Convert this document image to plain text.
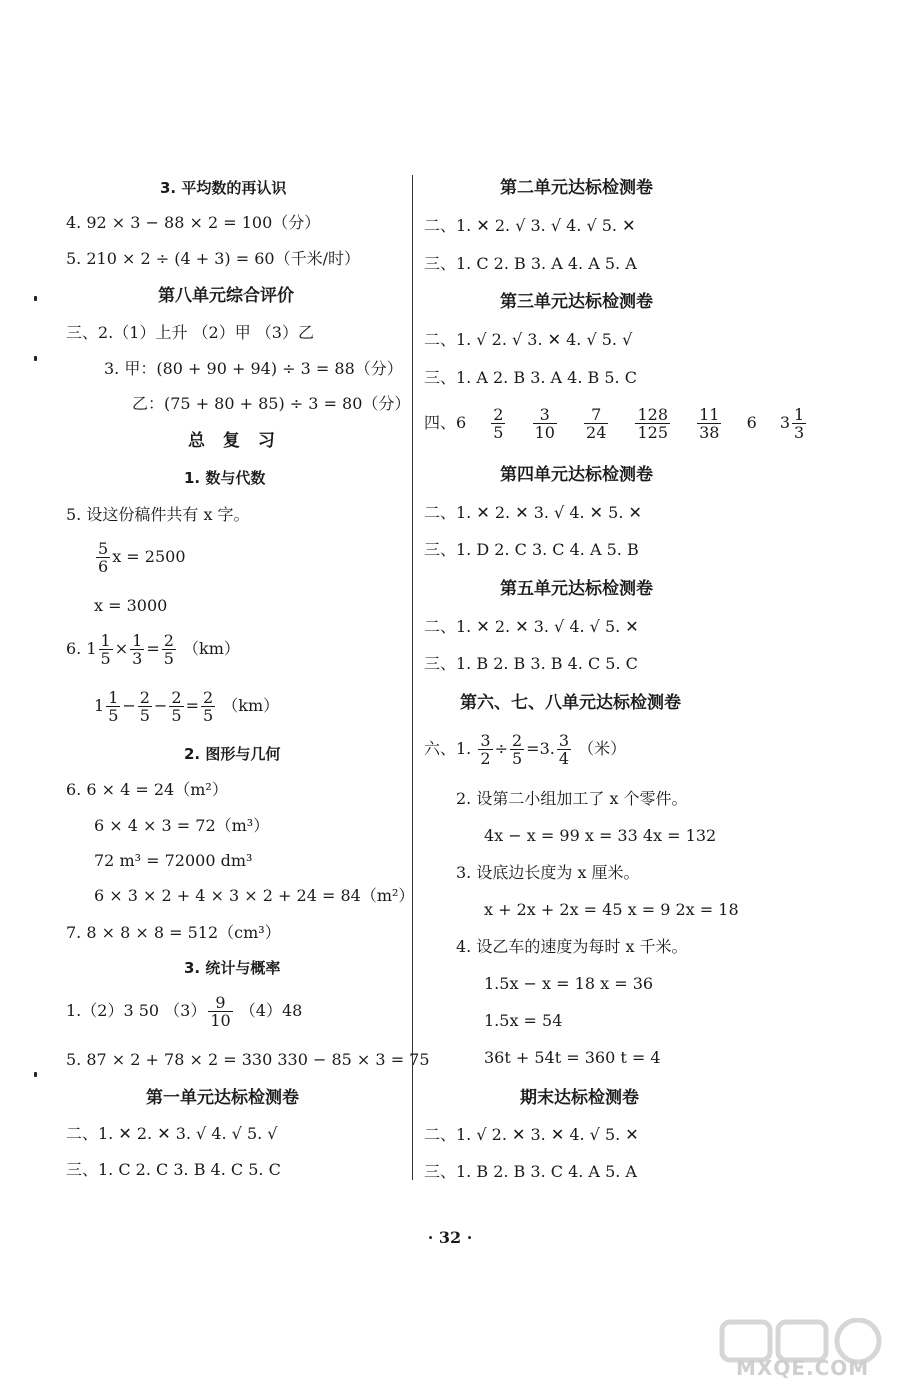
3. 平均数的再认识
4. 92 × 3 − 88 × 2 = 100（分）
5. 210 × 2 ÷ (4 + 3) = 60（千米/时）
第八单元综合评价
三、2.（1）上升 （2）甲 （3）乙
3. 甲：(80 + 90 + 94) ÷ 3 = 88（分）
乙：(75 + 80 + 85) ÷ 3 = 80（分）
总 复 习
1. 数与代数
5. 设这份稿件共有 x 字。
$\frac{5}{6}$ x = 2500
x = 3000
6. $1 \frac{1}{5} \times \frac{1}{3} = \frac{2}{5} (km)$
$1 \frac{1}{5} - \frac{2}{5} - \frac{2}{5} = \frac{2}{5} (km)$
2. 图形与几何
6. 6 × 4 = 24（m²）
6 × 4 × 3 = 72（m³）
72 m³ = 72000 dm³
6 × 3 × 2 + 4 × 3 × 2 + 24 = 84（m²）
7. 8 × 8 × 8 = 512（cm³）
3. 统计与概率
1.（2）3 50 $(3) \frac{9}{10} (4)48$
5. 87 × 2 + 78 × 2 = 330 330 − 85 × 3 = 75
第一单元达标检测卷
二、1. ✕ 2. ✕ 3. √ 4. √ 5. √
三、1. C 2. C 3. B 4. C 5. C
第二单元达标检测卷
二、1. ✕ 2. √ 3. √ 4. √ 5. ✕
三、1. C 2. B 3. A 4. A 5. A
第三单元达标检测卷
二、1. √ 2. √ 3. ✕ 4. √ 5. √
三、1. A 2. B 3. A 4. B 5. C
四、$6 \frac{2}{5}$
$\frac{3}{10}$
$\frac{7}{24}$
$\frac{128}{125}$
$\frac{11}{38} 6$ $3 \frac{1}{3}$
第四单元达标检测卷
二、1. ✕ 2. ✕ 3. √ 4. ✕ 5. ✕
三、1. D 2. C 3. C 4. A 5. B
第五单元达标检测卷
二、1. ✕ 2. ✕ 3. √ 4. √ 5. ✕
三、1. B 2. B 3. B 4. C 5. C
第六、七、八单元达标检测卷
六、1. $\frac{3}{2} \div \frac{2}{5} =3$. $\frac{3}{4}$ （米）
2. 设第二小组加工了 x 个零件。
4x − x = 99 x = 33 4x = 132
3. 设底边长度为 x 厘米。
x + 2x + 2x = 45 x = 9 2x = 18
4. 设乙车的速度为每时 x 千米。
1.5x − x = 18 x = 36
1.5x = 54
36t + 54t = 360 t = 4
期末达标检测卷
二、1. √ 2. ✕ 3. ✕ 4. √ 5. ✕
三、1. B 2. B 3. C 4. A 5. A
· 32 ·
MXQE.COM
